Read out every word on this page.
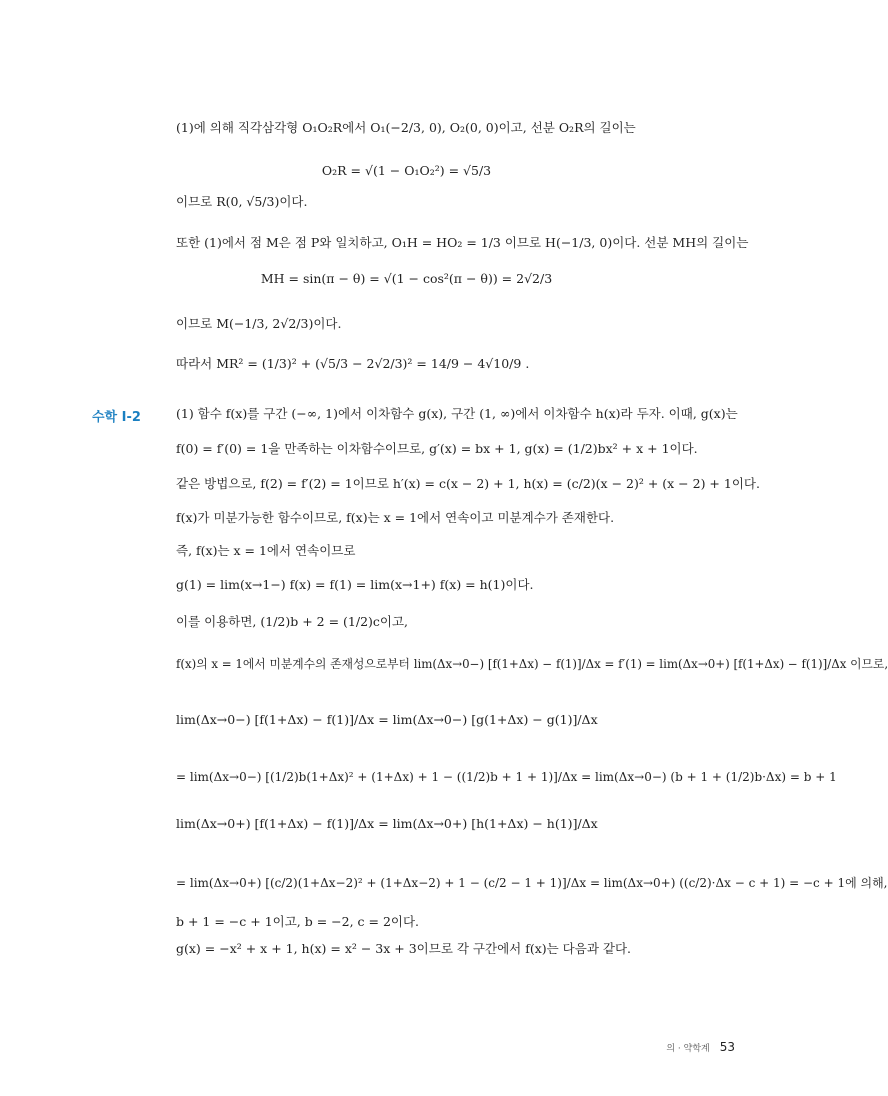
(1)에 의해 직각삼각형 O₁O₂R에서 O₁(−2/3, 0), O₂(0, 0)이고, 선분 O₂R의 길이는
O₂R = √(1 − O₁O₂²) = √5/3
이므로 R(0, √5/3)이다.
또한 (1)에서 점 M은 점 P와 일치하고, O₁H = HO₂ = 1/3 이므로 H(−1/3, 0)이다. 선분 MH의 길이는
MH = sin(π − θ) = √(1 − cos²(π − θ)) = 2√2/3
이므로 M(−1/3, 2√2/3)이다.
따라서 MR² = (1/3)² + (√5/3 − 2√2/3)² = 14/9 − 4√10/9 .
수학 Ⅰ-2	(1) 함수 f(x)를 구간 (−∞, 1)에서 이차함수 g(x), 구간 (1, ∞)에서 이차함수 h(x)라 두자. 이때, g(x)는
f(0) = f′(0) = 1을 만족하는 이차함수이므로, g′(x) = bx + 1, g(x) = (1/2)bx² + x + 1이다.
같은 방법으로, f(2) = f′(2) = 1이므로 h′(x) = c(x − 2) + 1, h(x) = (c/2)(x − 2)² + (x − 2) + 1이다.
f(x)가 미분가능한 함수이므로, f(x)는 x = 1에서 연속이고 미분계수가 존재한다.
즉, f(x)는 x = 1에서 연속이므로
g(1) = lim(x→1−) f(x) = f(1) = lim(x→1+) f(x) = h(1)이다.
이를 이용하면, (1/2)b + 2 = (1/2)c이고,
f(x)의 x = 1에서 미분계수의 존재성으로부터 lim(Δx→0−) [f(1+Δx) − f(1)]/Δx = f′(1) = lim(Δx→0+) [f(1+Δx) − f(1)]/Δx 이므로,
lim(Δx→0−) [f(1+Δx) − f(1)]/Δx = lim(Δx→0−) [g(1+Δx) − g(1)]/Δx
= lim(Δx→0−) [(1/2)b(1+Δx)² + (1+Δx) + 1 − ((1/2)b + 1 + 1)]/Δx = lim(Δx→0−) (b + 1 + (1/2)b·Δx) = b + 1
lim(Δx→0+) [f(1+Δx) − f(1)]/Δx = lim(Δx→0+) [h(1+Δx) − h(1)]/Δx
= lim(Δx→0+) [(c/2)(1+Δx−2)² + (1+Δx−2) + 1 − (c/2 − 1 + 1)]/Δx = lim(Δx→0+) ((c/2)·Δx − c + 1) = −c + 1에 의해,
b + 1 = −c + 1이고, b = −2, c = 2이다.
g(x) = −x² + x + 1, h(x) = x² − 3x + 3이므로 각 구간에서 f(x)는 다음과 같다.
의 · 약학계 53
